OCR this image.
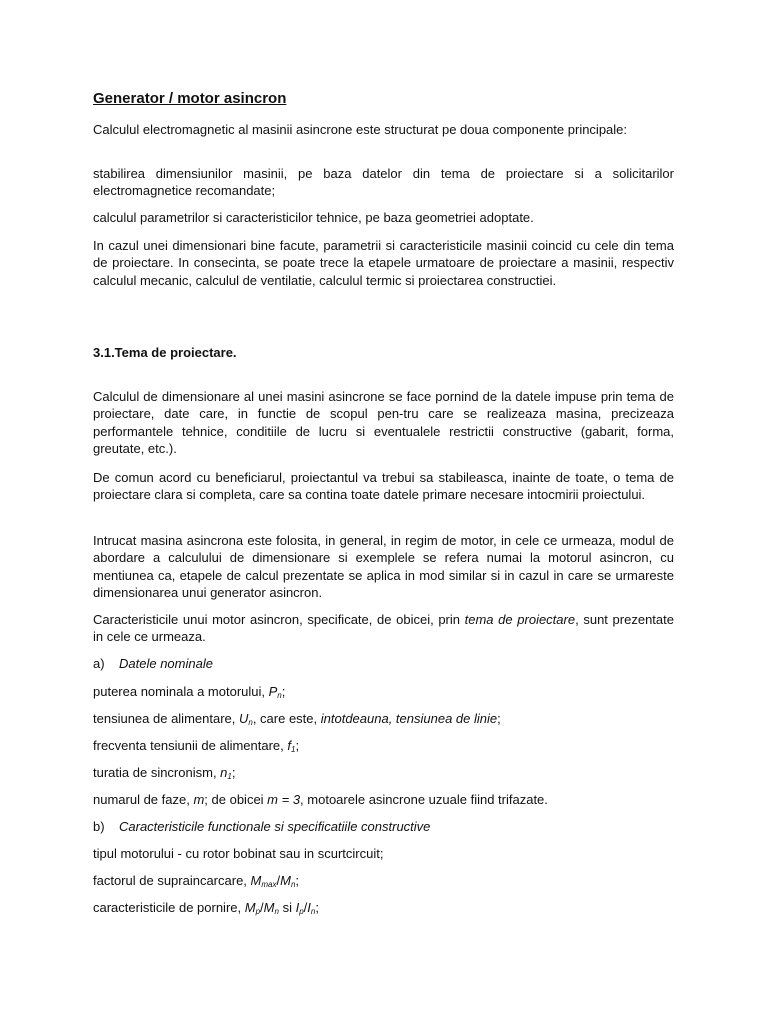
Generator / motor asincron

Calculul electromagnetic al masinii asincrone este structurat pe doua componente principale:

stabilirea dimensiunilor masinii, pe baza datelor din tema de proiectare si a solicitarilor electromagnetice recomandate;

calculul parametrilor si caracteristicilor tehnice, pe baza geometriei adoptate.

In cazul unei dimensionari bine facute, parametrii si caracteristicile masinii coincid cu cele din tema de proiectare. In consecinta, se poate trece la etapele urmatoare de proiectare a masinii, respectiv calculul mecanic, calculul de ventilatie, calculul termic si proiectarea constructiei.

3.1.Tema de proiectare.

Calculul de dimensionare al unei masini asincrone se face pornind de la datele impuse prin tema de proiectare, date care, in functie de scopul pen-tru care se realizeaza masina, precizeaza performantele tehnice, conditiile de lucru si eventualele restrictii constructive (gabarit, forma, greutate, etc.).

De comun acord cu beneficiarul, proiectantul va trebui sa stabileasca, inainte de toate, o tema de proiectare clara si completa, care sa contina toate datele primare necesare intocmirii proiectului.

Intrucat masina asincrona este folosita, in general, in regim de motor, in cele ce urmeaza, modul de abordare a calculului de dimensionare si exemplele se refera numai la motorul asincron, cu mentiunea ca, etapele de calcul prezentate se aplica in mod similar si in cazul in care se urmareste dimensionarea unui generator asincron.

Caracteristicile unui motor asincron, specificate, de obicei, prin tema de proiectare, sunt prezentate in cele ce urmeaza.

a) Datele nominale

puterea nominala a motorului, $P_n$;

tensiunea de alimentare, $U_n$, care este, intotdeauna, tensiunea de linie;

frecventa tensiunii de alimentare, $f_1$;

turatia de sincronism, $n_1$;

numarul de faze, m; de obicei m = 3, motoarele asincrone uzuale fiind trifazate.

b) Caracteristicile functionale si specificatiile constructive

tipul motorului - cu rotor bobinat sau in scurtcircuit;

factorul de supraincarcare, $M_{max}/M_n$;

caracteristicile de pornire, $M_p/M_n$ si $I_p/I_n$;
